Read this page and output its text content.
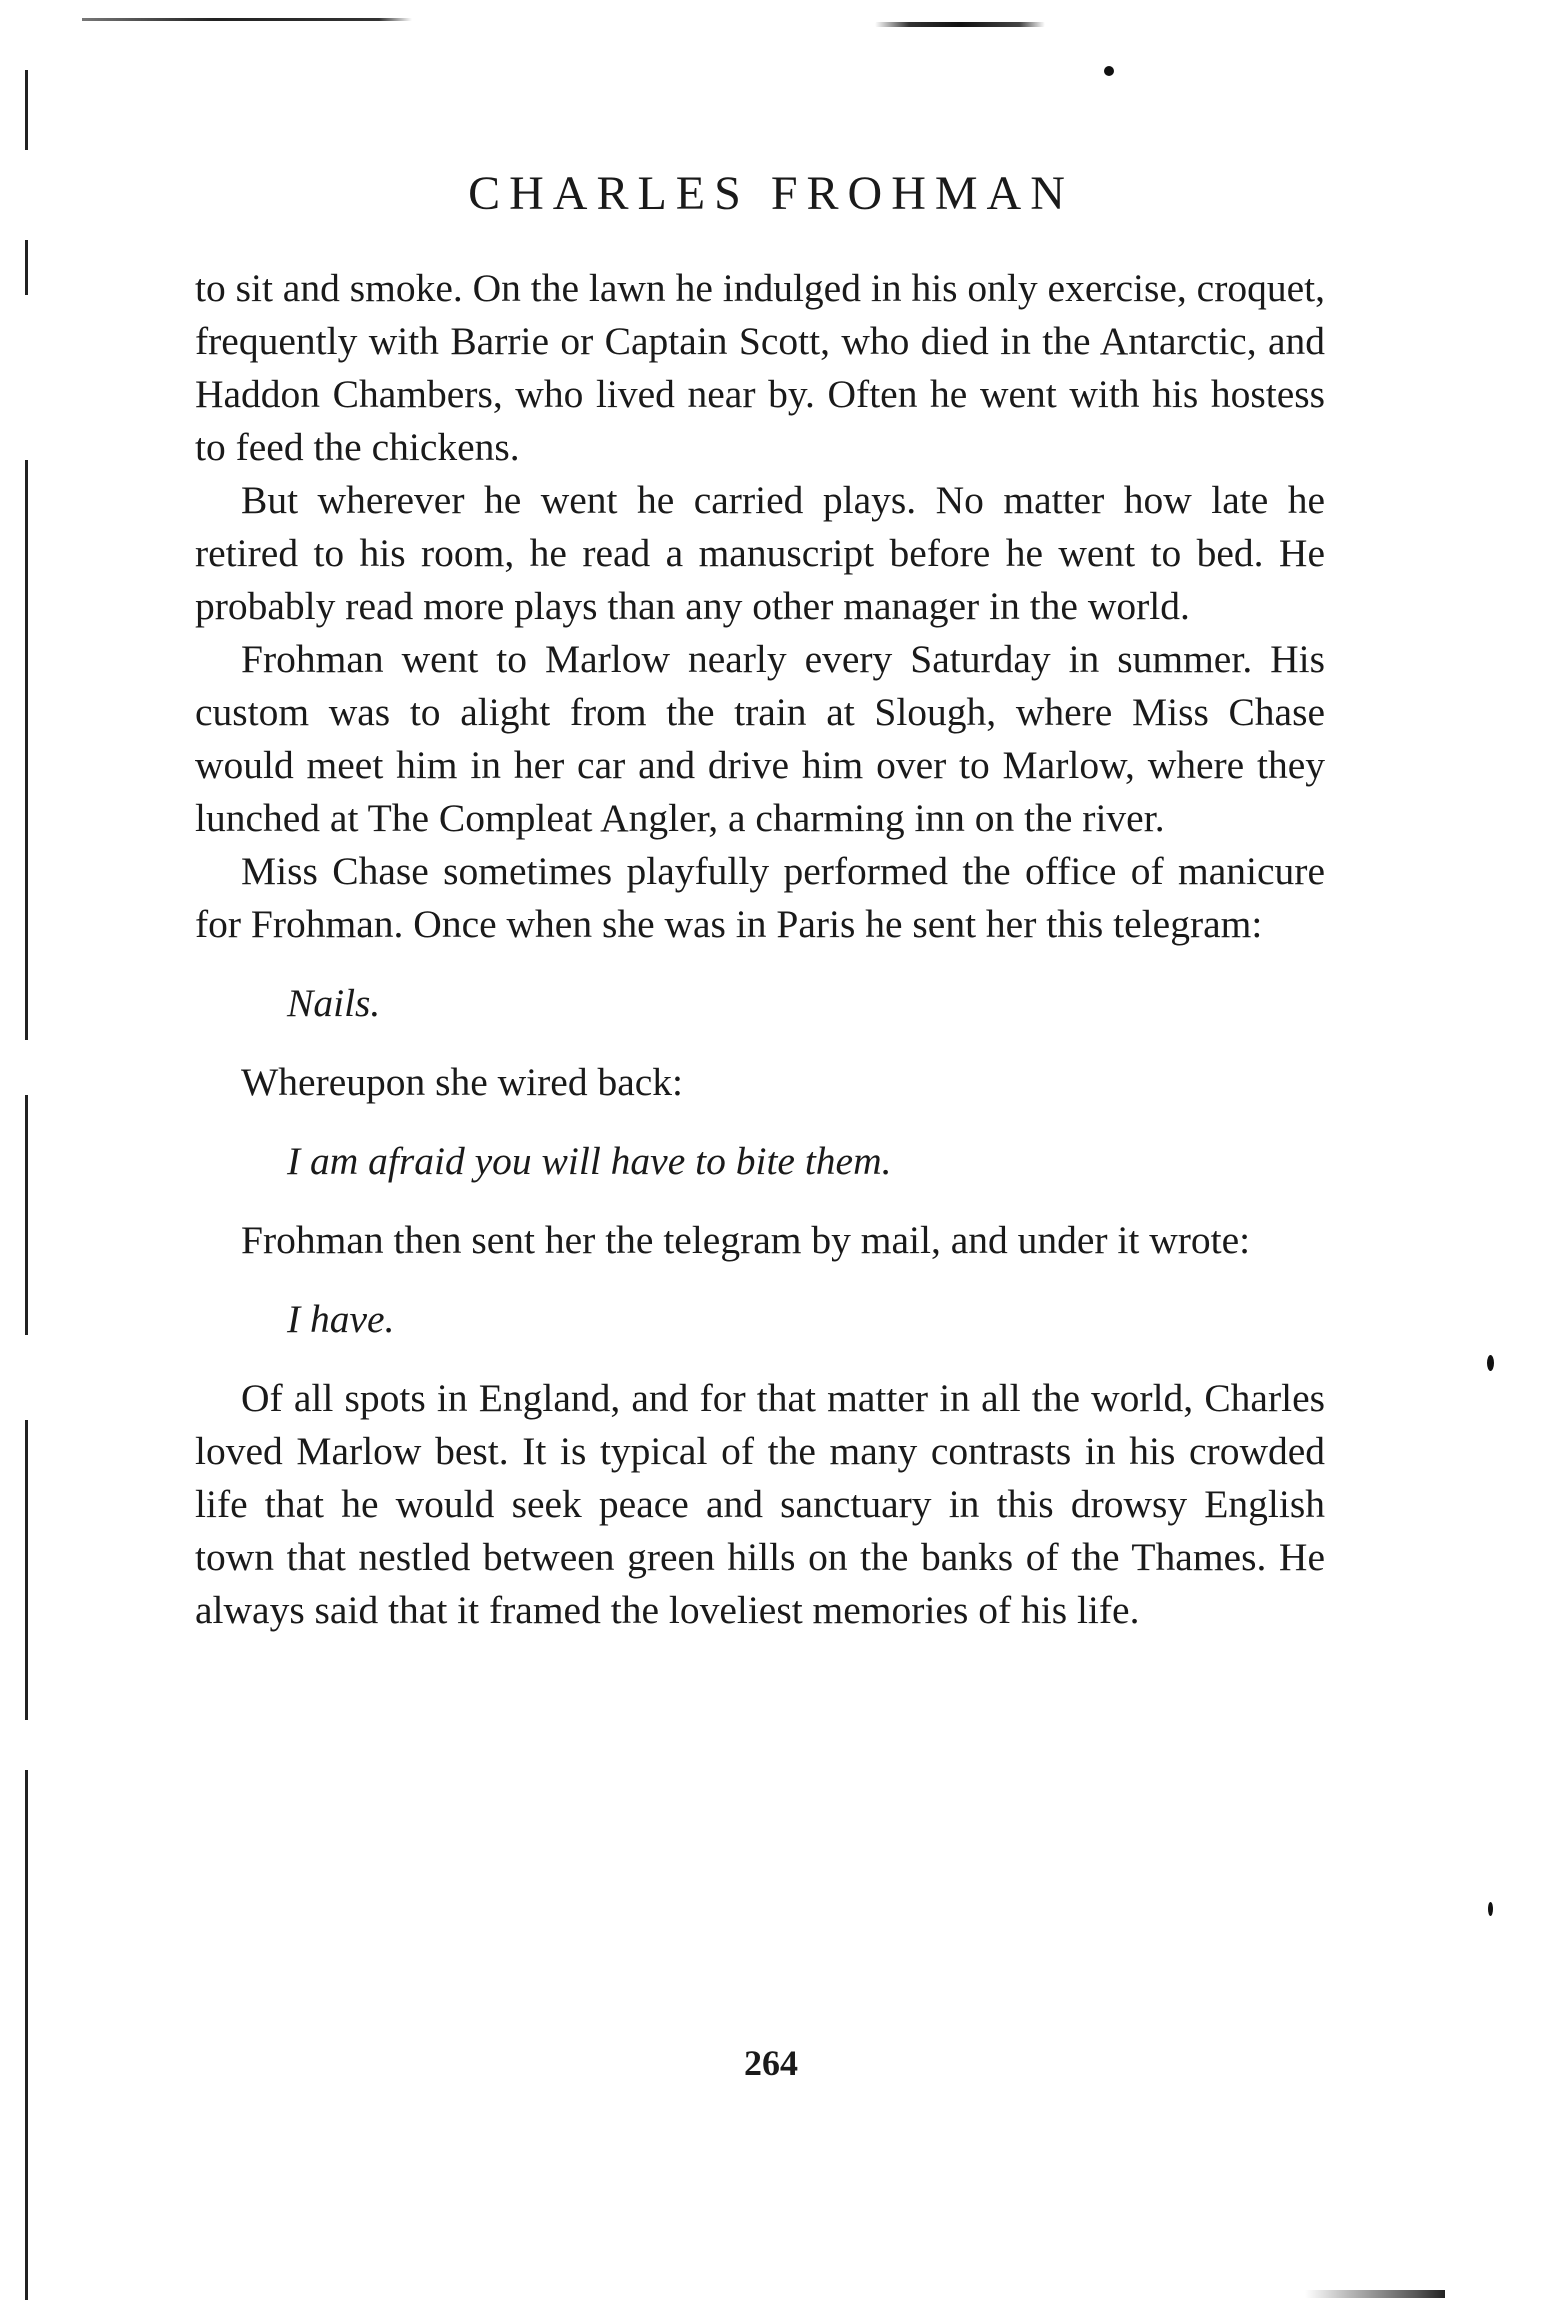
CHARLES FROHMAN

to sit and smoke. On the lawn he indulged in his only exercise, croquet, frequently with Barrie or Captain Scott, who died in the Antarctic, and Haddon Chambers, who lived near by. Often he went with his hostess to feed the chickens.

But wherever he went he carried plays. No matter how late he retired to his room, he read a manuscript before he went to bed. He probably read more plays than any other manager in the world.

Frohman went to Marlow nearly every Saturday in summer. His custom was to alight from the train at Slough, where Miss Chase would meet him in her car and drive him over to Marlow, where they lunched at The Compleat Angler, a charming inn on the river.

Miss Chase sometimes playfully performed the office of manicure for Frohman. Once when she was in Paris he sent her this telegram:

Nails.

Whereupon she wired back:

I am afraid you will have to bite them.

Frohman then sent her the telegram by mail, and under it wrote:

I have.

Of all spots in England, and for that matter in all the world, Charles loved Marlow best. It is typical of the many contrasts in his crowded life that he would seek peace and sanctuary in this drowsy English town that nestled between green hills on the banks of the Thames. He always said that it framed the loveliest memories of his life.

264
